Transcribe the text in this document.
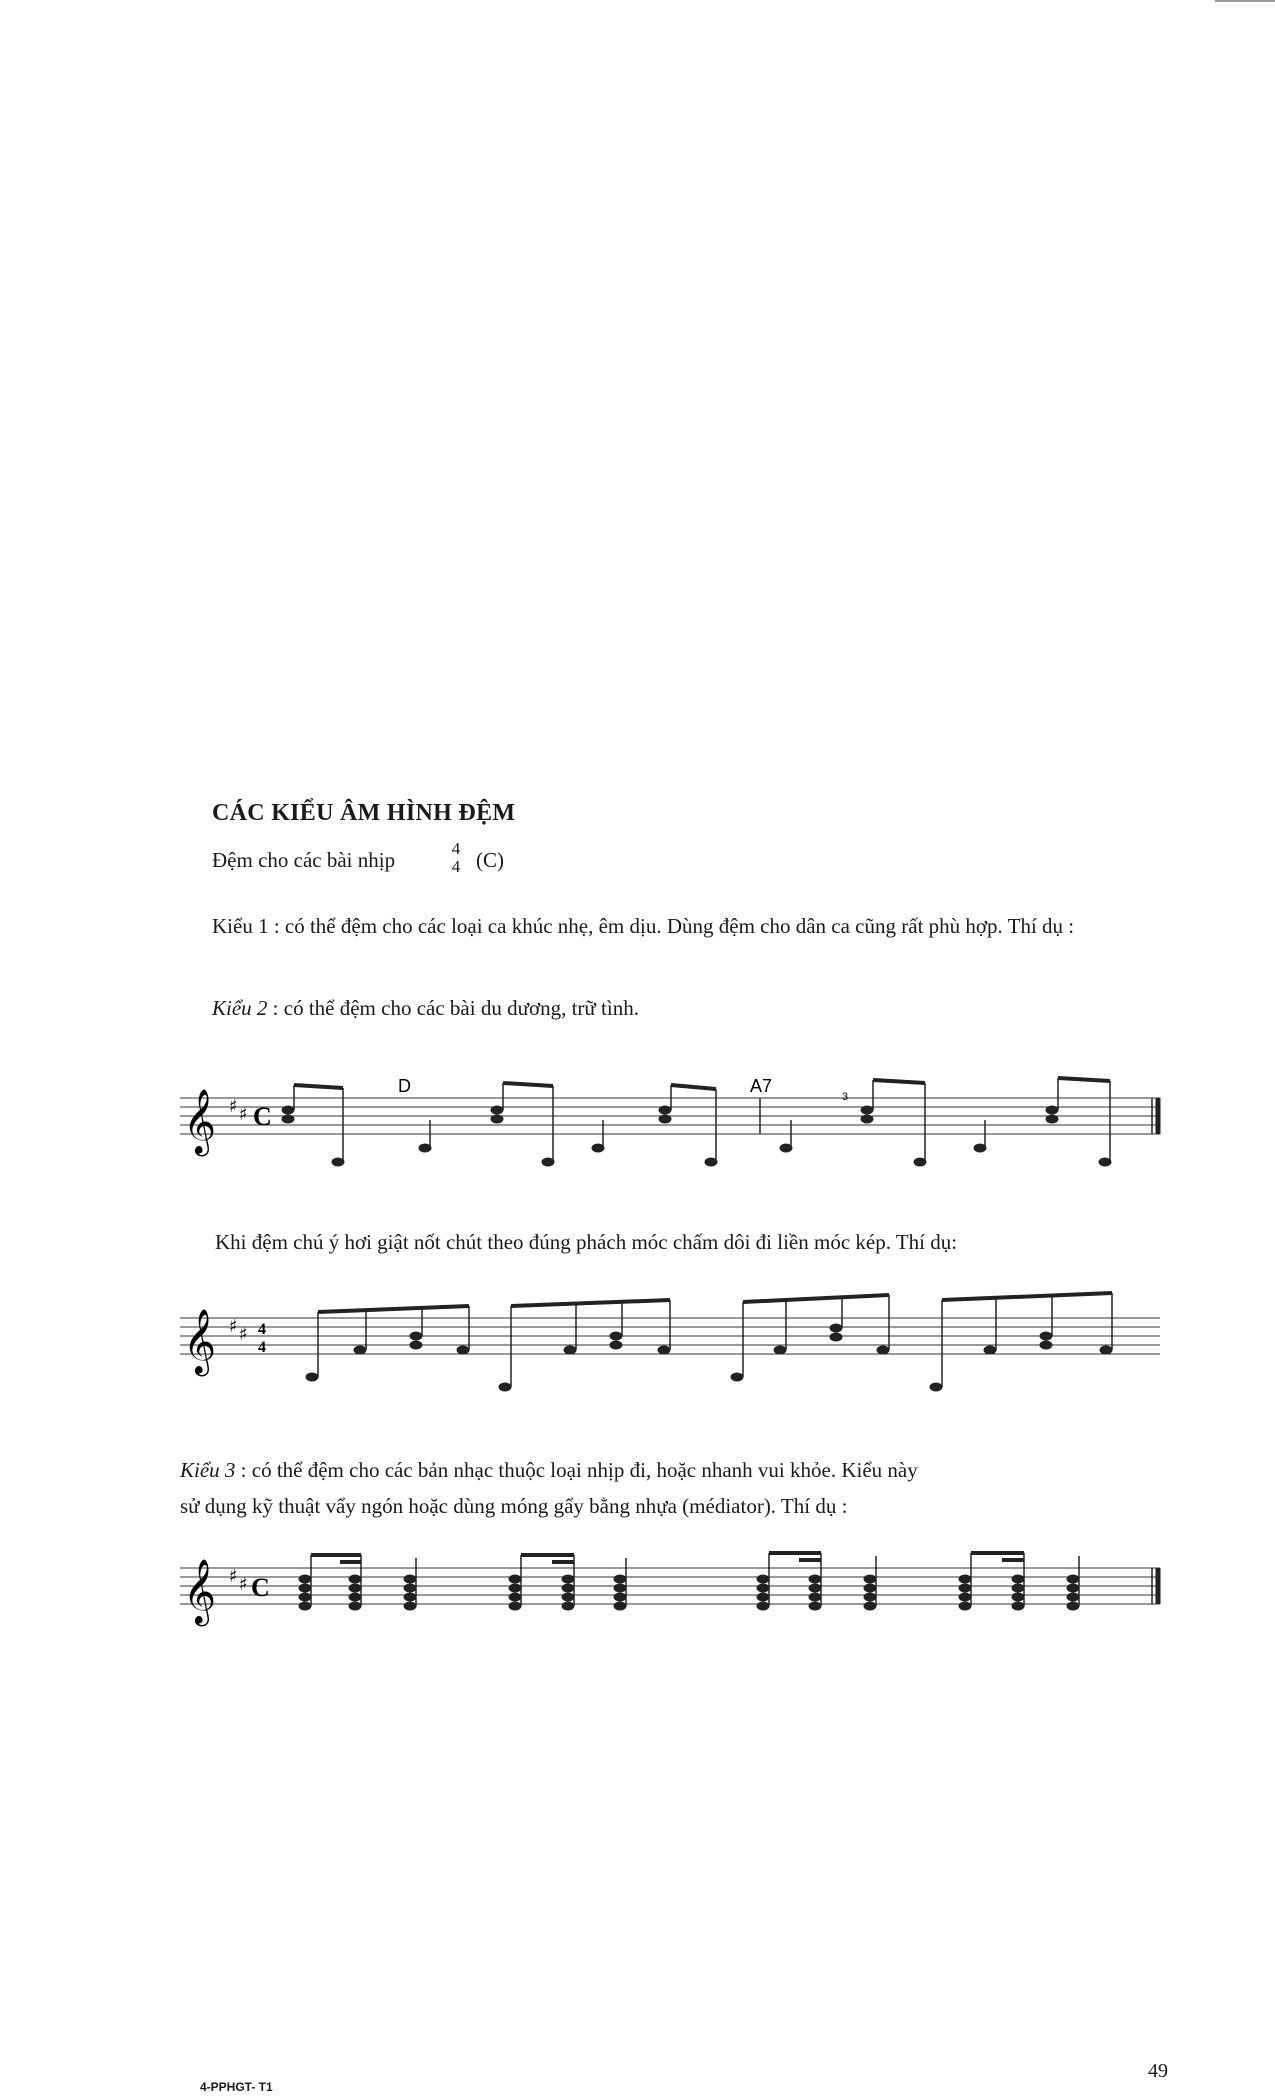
CÁC KIỂU ÂM HÌNH ĐỆM
Đệm cho các bài nhịp	4
4 (C)
Kiểu 1 : có thể đệm cho các loại ca khúc nhẹ, êm dịu. Dùng đệm cho dân ca cũng rất phù hợp. Thí dụ :
Kiểu 2 : có thể đệm cho các bài du dương, trữ tình.
𝄞 ♯ ♯ C
D	A7
3
Khi đệm chú ý hơi giật nốt chút theo đúng phách móc chấm dôi đi liền móc kép. Thí dụ:
𝄞 ♯ ♯ 4
4
Kiểu 3 : có thể đệm cho các bản nhạc thuộc loại nhịp đi, hoặc nhanh vui khỏe. Kiểu này
sử dụng kỹ thuật vẩy ngón hoặc dùng móng gẩy bằng nhựa (médiator). Thí dụ :
𝄞 ♯ ♯ C
4-PPHGT- T1
49
